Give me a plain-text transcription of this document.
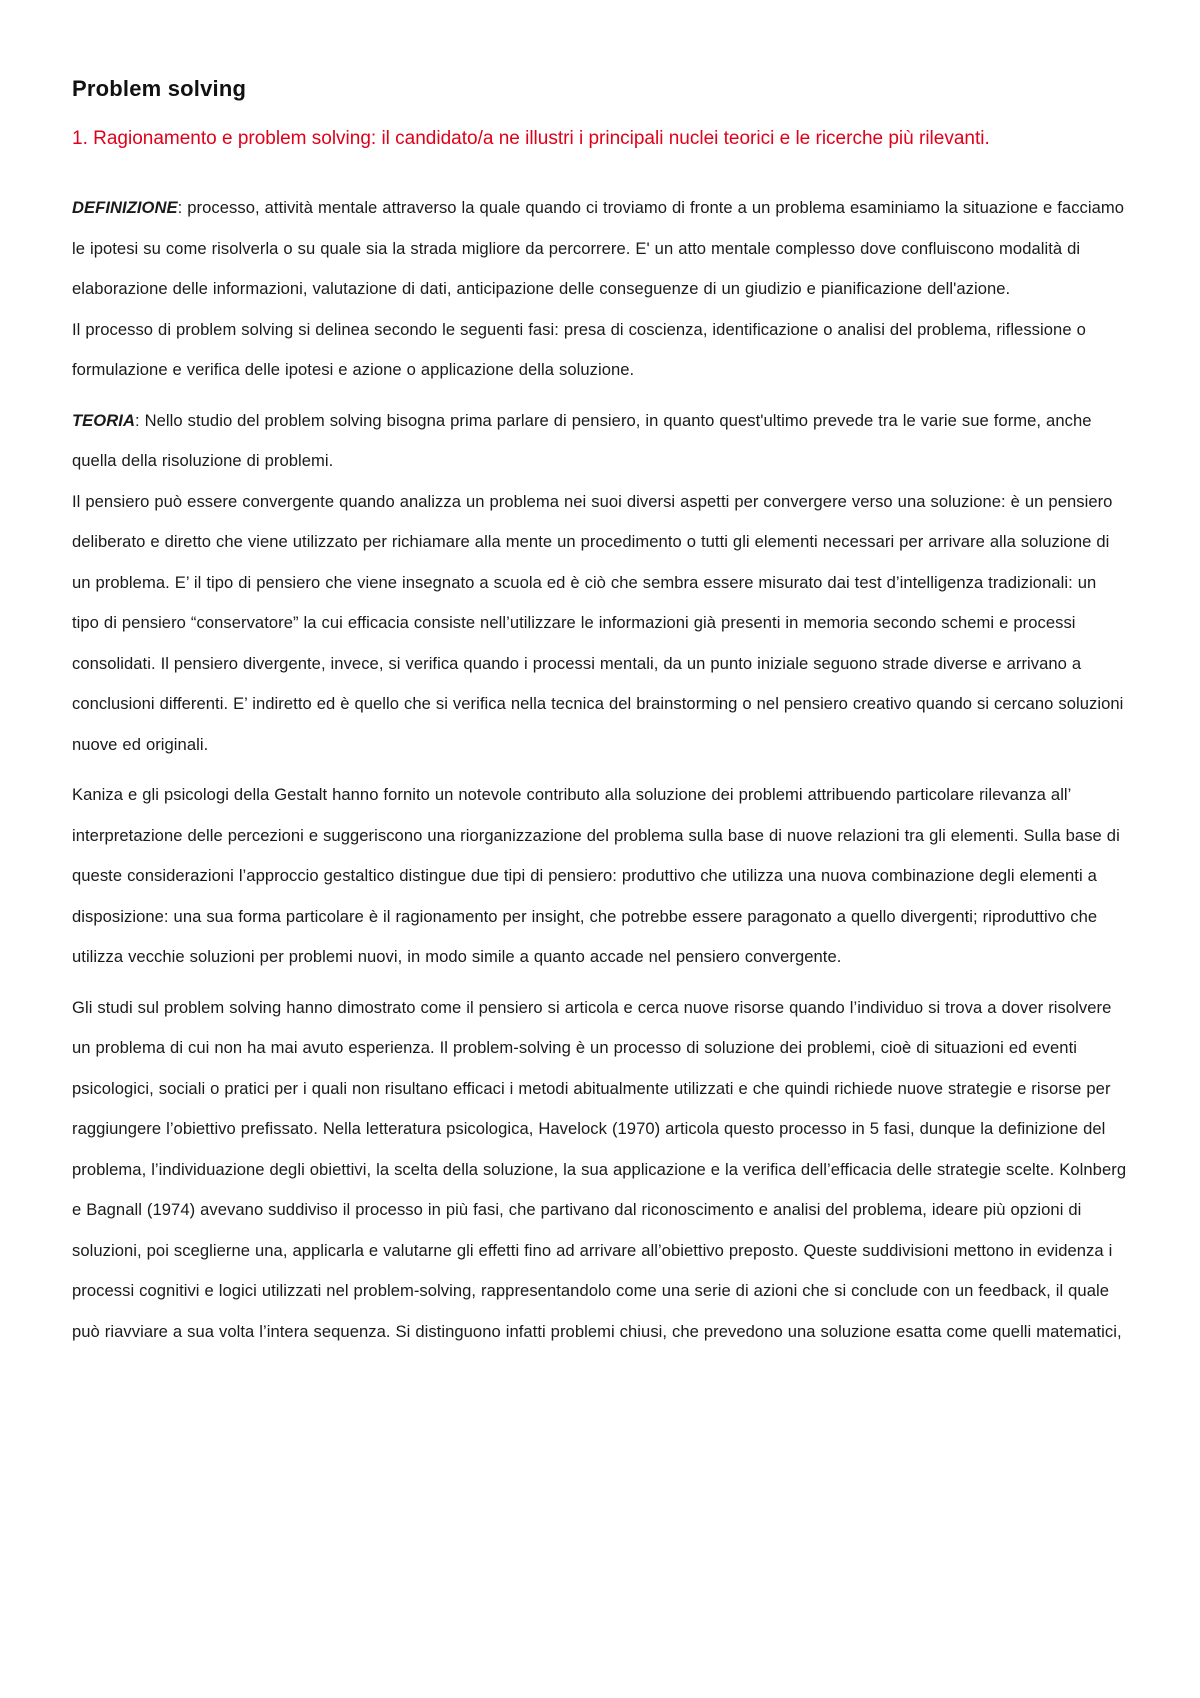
Problem solving
1. Ragionamento e problem solving: il candidato/a ne illustri i principali nuclei teorici e le ricerche più rilevanti.

DEFINIZIONE: processo, attività mentale attraverso la quale quando ci troviamo di fronte a un problema esaminiamo la situazione e facciamo le ipotesi su come risolverla o su quale sia la strada migliore da percorrere. E' un atto mentale complesso dove confluiscono modalità di elaborazione delle informazioni, valutazione di dati, anticipazione delle conseguenze di un giudizio e pianificazione dell'azione.

Il processo di problem solving si delinea secondo le seguenti fasi: presa di coscienza, identificazione o analisi del problema, riflessione o formulazione e verifica delle ipotesi e azione o applicazione della soluzione.

TEORIA: Nello studio del problem solving bisogna prima parlare di pensiero, in quanto quest'ultimo prevede tra le varie sue forme, anche quella della risoluzione di problemi.

Il pensiero può essere convergente quando analizza un problema nei suoi diversi aspetti per convergere verso una soluzione: è un pensiero deliberato e diretto che viene utilizzato per richiamare alla mente un procedimento o tutti gli elementi necessari per arrivare alla soluzione di un problema. E’ il tipo di pensiero che viene insegnato a scuola ed è ciò che sembra essere misurato dai test d’intelligenza tradizionali: un tipo di pensiero “conservatore” la cui efficacia consiste nell’utilizzare le informazioni già presenti in memoria secondo schemi e processi consolidati. Il pensiero divergente, invece, si verifica quando i processi mentali, da un punto iniziale seguono strade diverse e arrivano a conclusioni differenti. E’ indiretto ed è quello che si verifica nella tecnica del brainstorming o nel pensiero creativo quando si cercano soluzioni nuove ed originali.

Kaniza e gli psicologi della Gestalt hanno fornito un notevole contributo alla soluzione dei problemi attribuendo particolare rilevanza all’ interpretazione delle percezioni e suggeriscono una riorganizzazione del problema sulla base di nuove relazioni tra gli elementi. Sulla base di queste considerazioni l’approccio gestaltico distingue due tipi di pensiero: produttivo che utilizza una nuova combinazione degli elementi a disposizione: una sua forma particolare è il ragionamento per insight, che potrebbe essere paragonato a quello divergenti; riproduttivo che utilizza vecchie soluzioni per problemi nuovi, in modo simile a quanto accade nel pensiero convergente.

Gli studi sul problem solving hanno dimostrato come il pensiero si articola e cerca nuove risorse quando l’individuo si trova a dover risolvere un problema di cui non ha mai avuto esperienza. Il problem-solving è un processo di soluzione dei problemi, cioè di situazioni ed eventi psicologici, sociali o pratici per i quali non risultano efficaci i metodi abitualmente utilizzati e che quindi richiede nuove strategie e risorse per raggiungere l’obiettivo prefissato. Nella letteratura psicologica, Havelock (1970) articola questo processo in 5 fasi, dunque la definizione del problema, l’individuazione degli obiettivi, la scelta della soluzione, la sua applicazione e la verifica dell’efficacia delle strategie scelte. Kolnberg e Bagnall (1974) avevano suddiviso il processo in più fasi, che partivano dal riconoscimento e analisi del problema, ideare più opzioni di soluzioni, poi sceglierne una, applicarla e valutarne gli effetti fino ad arrivare all’obiettivo preposto. Queste suddivisioni mettono in evidenza i processi cognitivi e logici utilizzati nel problem-solving, rappresentandolo come una serie di azioni che si conclude con un feedback, il quale può riavviare a sua volta l’intera sequenza. Si distinguono infatti problemi chiusi, che prevedono una soluzione esatta come quelli matematici,
